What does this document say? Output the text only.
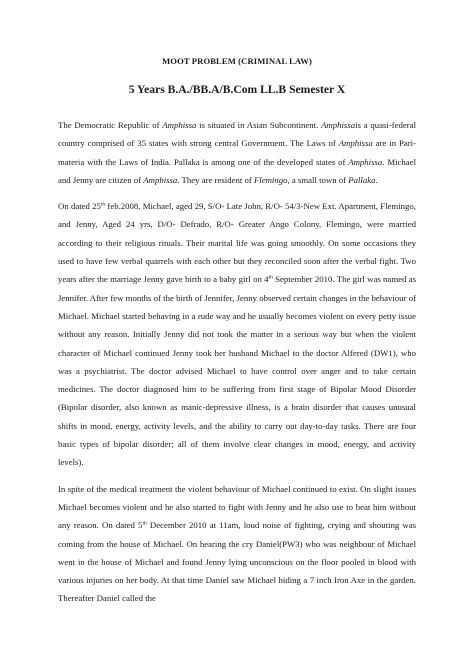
MOOT PROBLEM (CRIMINAL LAW)
5 Years B.A./BB.A/B.Com LL.B Semester X

The Democratic Republic of Amphissa is situated in Asian Subcontinent. Amphissais a quasi-federal country comprised of 35 states with strong central Government. The Laws of Amphissa are in Pari-materia with the Laws of India. Pallaka is among one of the developed states of Amphissa. Michael and Jenny are citizen of Amphissa. They are resident of Flemingo, a small town of Pallaka.

On dated 25th feb.2008, Michael, aged 29, S/O- Late John, R/O- 54/3-New Ext. Apartment, Flemingo, and Jenny, Aged 24 yrs, D/O- Defrado, R/O- Greater Ango Colony, Flemingo, were married according to their religious rituals. Their marital life was going smoothly. On some occasions they used to have few verbal quarrels with each other but they reconciled soon after the verbal fight. Two years after the marriage Jenny gave birth to a baby girl on 4th September 2010. The girl was named as Jennifer. After few months of the birth of Jennifer, Jenny observed certain changes in the behaviour of Michael. Michael started behaving in a rude way and he usually becomes violent on every petty issue without any reason. Initially Jenny did not took the matter in a serious way but when the violent character of Michael continued Jenny took her husband Michael to the doctor Alfered (DW1), who was a psychiatrist. The doctor advised Michael to have control over anger and to take certain medicines. The doctor diagnosed him to be suffering from first stage of Bipolar Mood Disorder (Bipolar disorder, also known as manic-depressive illness, is a brain disorder that causes unusual shifts in mood, energy, activity levels, and the ability to carry out day-to-day tasks. There are four basic types of bipolar disorder; all of them involve clear changes in mood, energy, and activity levels).

In spite of the medical treatment the violent behaviour of Michael continued to exist. On slight issues Michael becomes violent and he also started to fight with Jenny and he also use to beat him without any reason. On dated 5th December 2010 at 11am, loud noise of fighting, crying and shouting was coming from the house of Michael. On hearing the cry Daniel(PW3) who was neighbour of Michael went in the house of Michael and found Jenny lying unconscious on the floor pooled in blood with various injuries on her body. At that time Daniel saw Michael hiding a 7 inch Iron Axe in the garden. Thereafter Daniel called the
